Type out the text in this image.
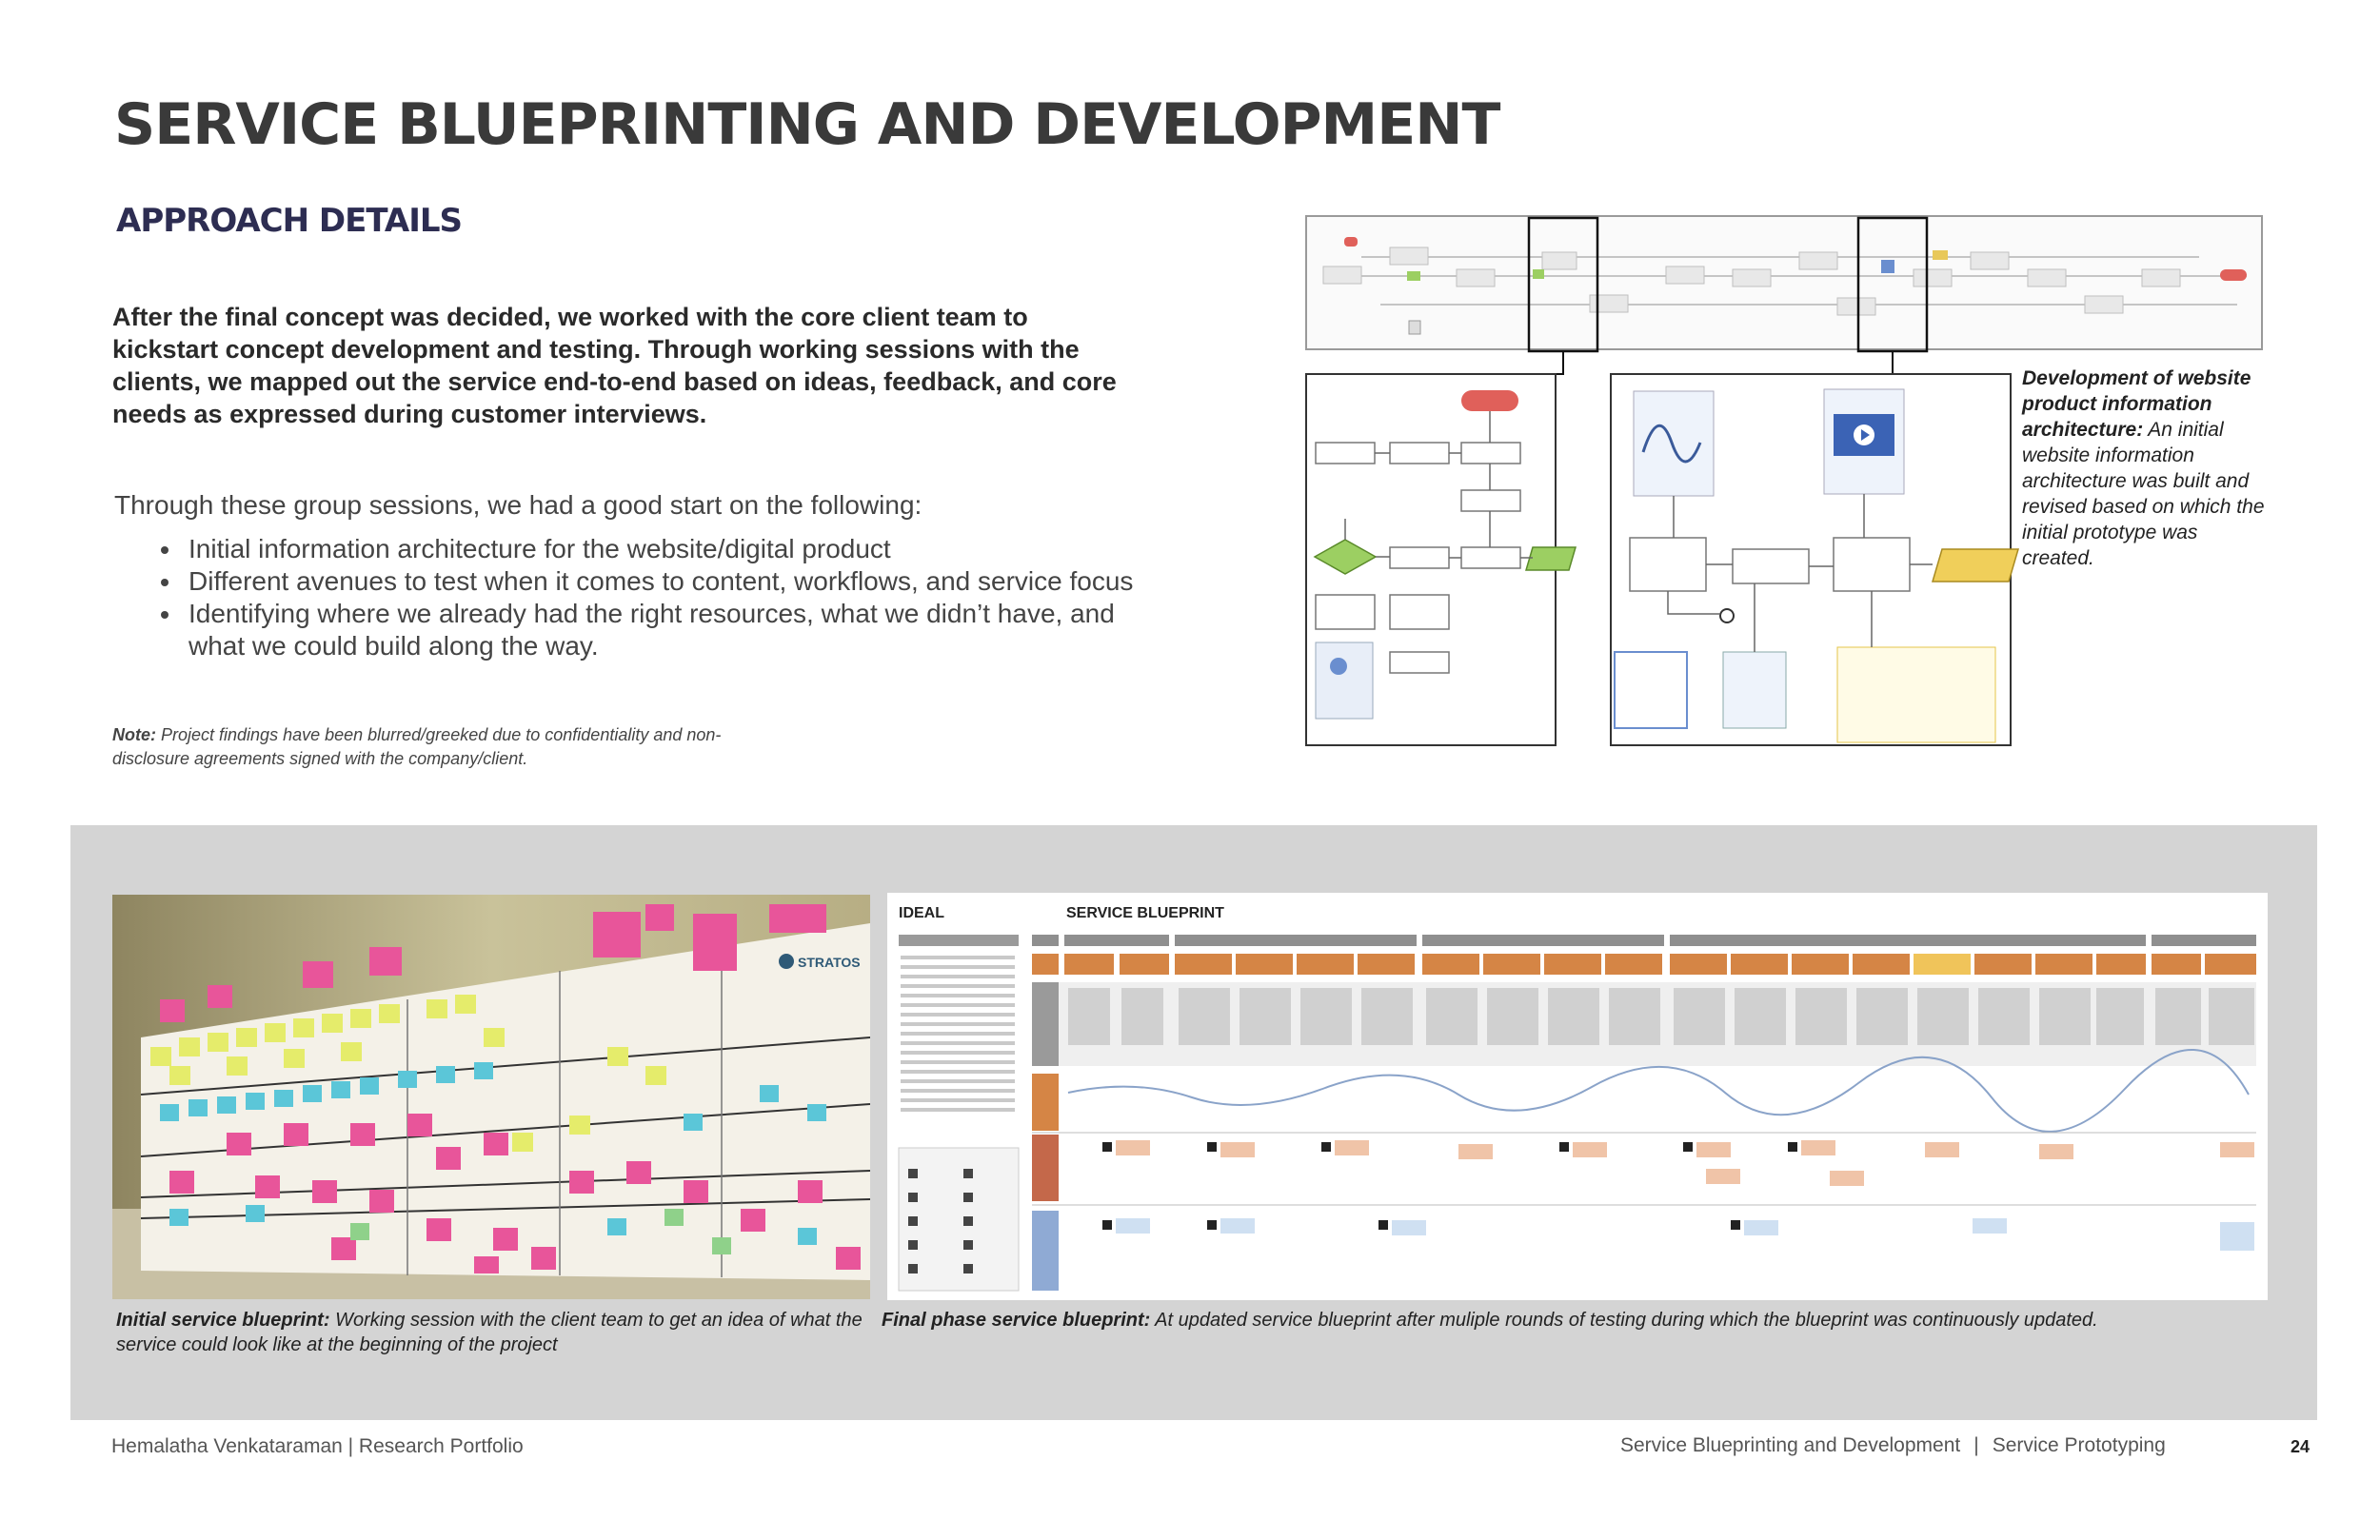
SERVICE BLUEPRINTING AND DEVELOPMENT
APPROACH DETAILS

After the final concept was decided, we worked with the core client team to kickstart concept development and testing. Through working sessions with the clients, we mapped out the service end-to-end based on ideas, feedback, and core needs as expressed during customer interviews.

Through these group sessions, we had a good start on the following:

• Initial information architecture for the website/digital product
• Different avenues to test when it comes to content, workflows, and service focus
• Identifying where we already had the right resources, what we didn’t have, and what we could build along the way.

Note: Project findings have been blurred/greeked due to confidentiality and non-disclosure agreements signed with the company/client.

Development of website product information architecture: An initial website information architecture was built and revised based on which the initial prototype was created.

STRATOS
IDEAL	SERVICE BLUEPRINT

Initial service blueprint: Working session with the client team to get an idea of what the service could look like at the beginning of the project

Final phase service blueprint: At updated service blueprint after muliple rounds of testing during which the blueprint was continuously updated.

Hemalatha Venkataraman | Research Portfolio	Service Blueprinting and Development | Service Prototyping	24
